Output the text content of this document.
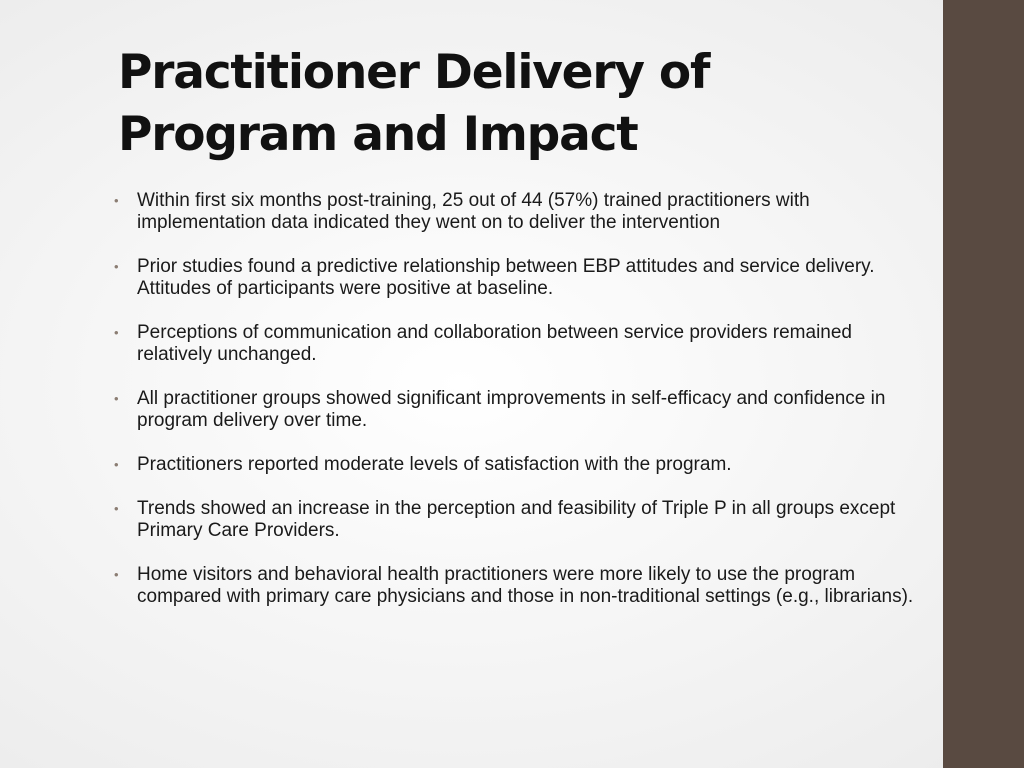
Practitioner Delivery of
Program and Impact
• Within first six months post-training, 25 out of 44 (57%) trained practitioners with implementation data indicated they went on to deliver the intervention
• Prior studies found a predictive relationship between EBP attitudes and service delivery. Attitudes of participants were positive at baseline.
• Perceptions of communication and collaboration between service providers remained relatively unchanged.
• All practitioner groups showed significant improvements in self-efficacy and confidence in program delivery over time.
• Practitioners reported moderate levels of satisfaction with the program.
• Trends showed an increase in the perception and feasibility of Triple P in all groups except Primary Care Providers.
• Home visitors and behavioral health practitioners were more likely to use the program compared with primary care physicians and those in non-traditional settings (e.g., librarians).
